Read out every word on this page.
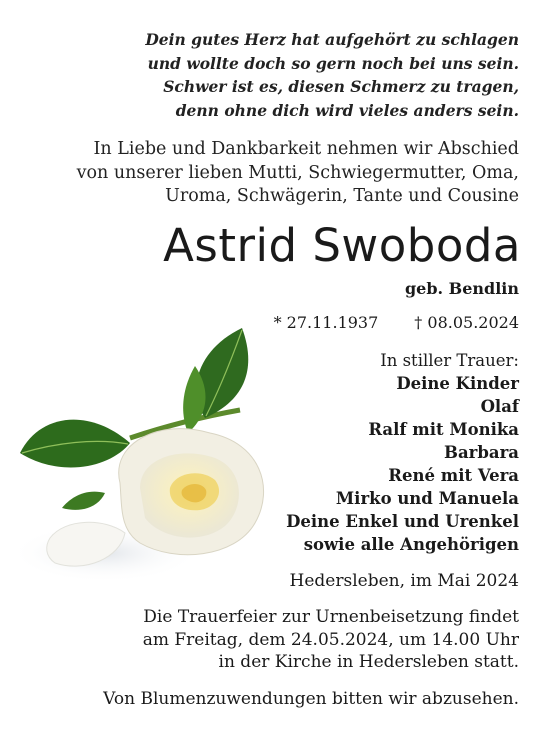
Dein gutes Herz hat aufgehört zu schlagen
und wollte doch so gern noch bei uns sein.
Schwer ist es, diesen Schmerz zu tragen,
denn ohne dich wird vieles anders sein.
In Liebe und Dankbarkeit nehmen wir Abschied
von unserer lieben Mutti, Schwiegermutter, Oma,
Uroma, Schwägerin, Tante und Cousine
Astrid Swoboda
geb. Bendlin
* 27.11.1937 † 08.05.2024
In stiller Trauer:
Deine Kinder
Olaf
Ralf mit Monika
Barbara
René mit Vera
Mirko und Manuela
Deine Enkel und Urenkel
sowie alle Angehörigen
Hedersleben, im Mai 2024
Die Trauerfeier zur Urnenbeisetzung findet
am Freitag, dem 24.05.2024, um 14.00 Uhr
in der Kirche in Hedersleben statt.
Von Blumenzuwendungen bitten wir abzusehen.
